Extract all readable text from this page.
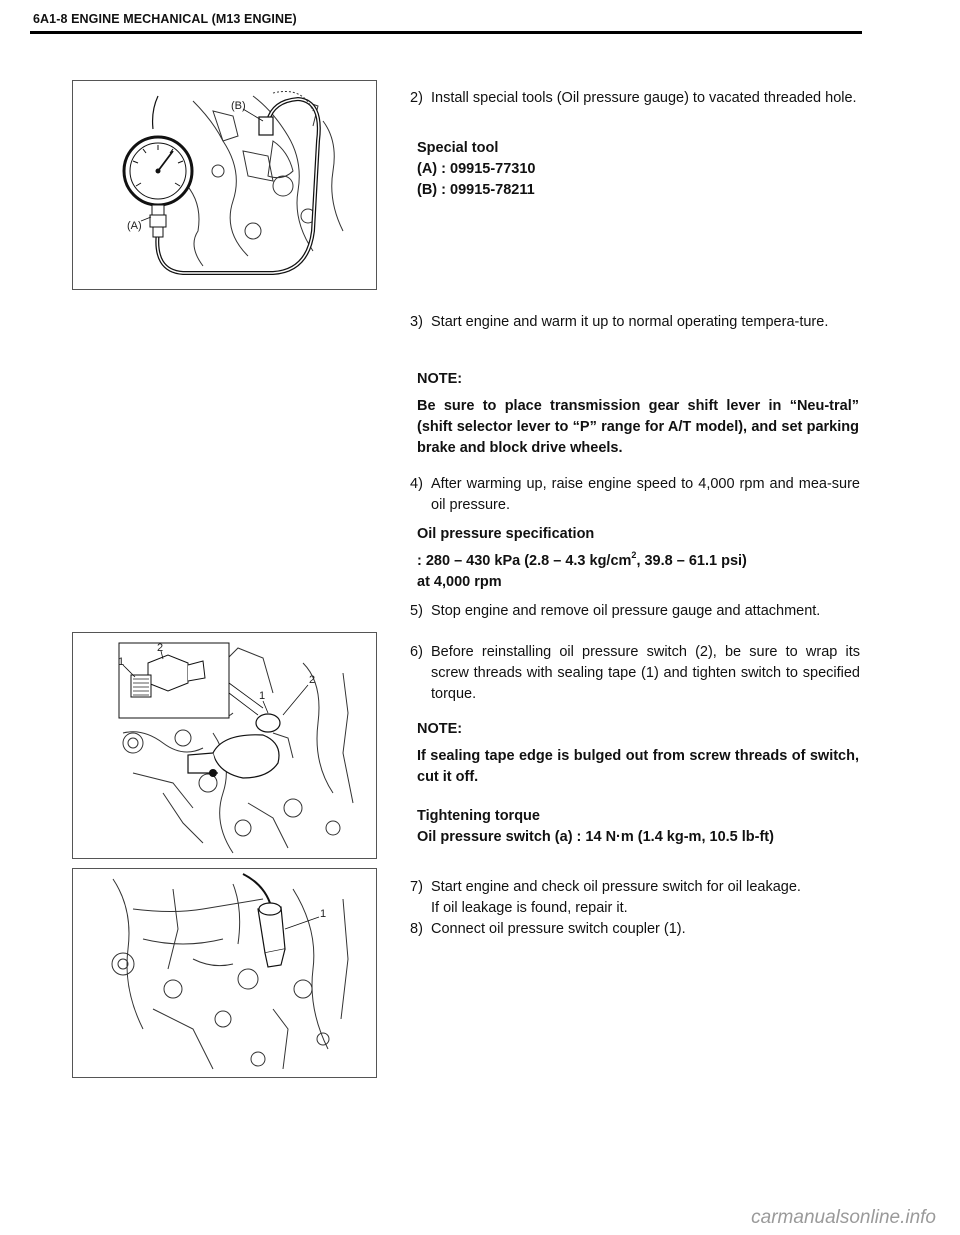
6A1-8 ENGINE MECHANICAL (M13 ENGINE)
(A)
(B)
1
2
2
1
1
2) Install special tools (Oil pressure gauge) to vacated threaded hole.
Special tool
(A) : 09915-77310
(B) : 09915-78211
3) Start engine and warm it up to normal operating tempera-ture.
NOTE:
Be sure to place transmission gear shift lever in “Neu-tral” (shift selector lever to “P” range for A/T model), and set parking brake and block drive wheels.
4) After warming up, raise engine speed to 4,000 rpm and mea-sure oil pressure.
Oil pressure specification
: 280 – 430 kPa (2.8 – 4.3 $kg/cm^2$, 39.8 – 61.1 psi)
at 4,000 rpm
5) Stop engine and remove oil pressure gauge and attachment.
6) Before reinstalling oil pressure switch (2), be sure to wrap its screw threads with sealing tape (1) and tighten switch to specified torque.
NOTE:
If sealing tape edge is bulged out from screw threads of switch, cut it off.
Tightening torque
Oil pressure switch (a) : 14 N·m (1.4 kg-m, 10.5 lb-ft)
7) Start engine and check oil pressure switch for oil leakage.
If oil leakage is found, repair it.
8) Connect oil pressure switch coupler (1).
carmanualsonline.info
